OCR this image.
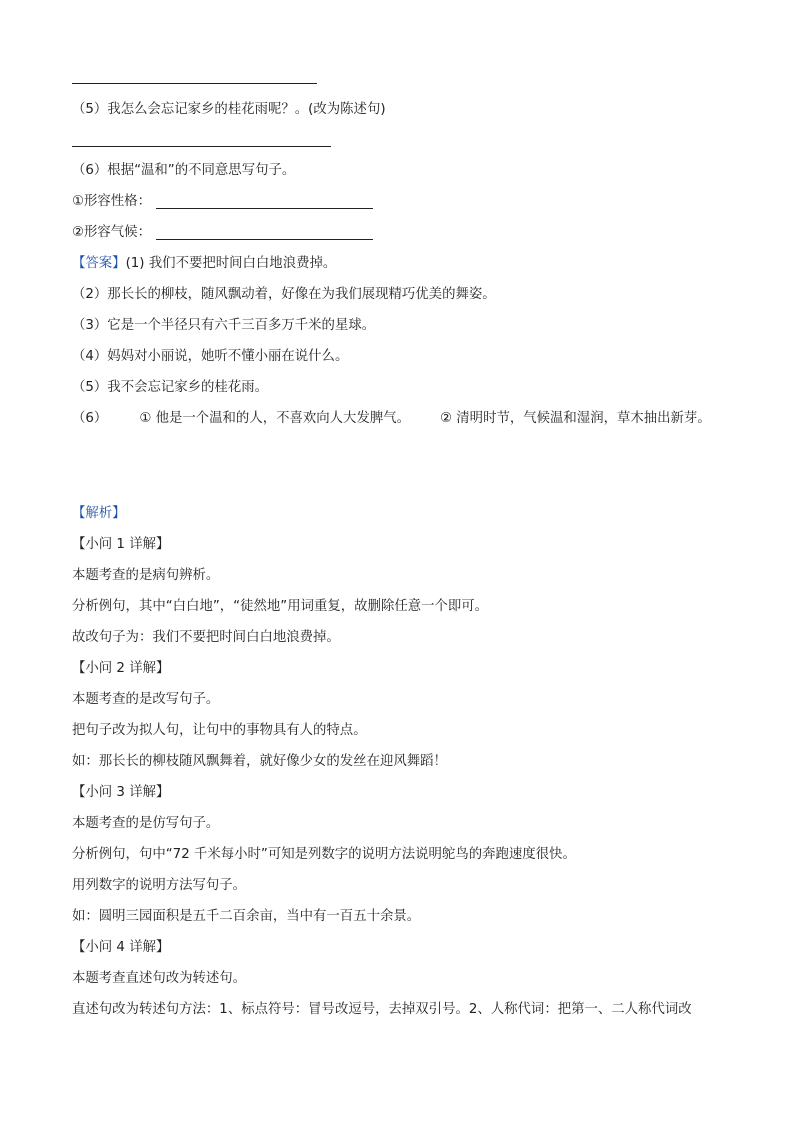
（5）我怎么会忘记家乡的桂花雨呢？。(改为陈述句)
（6）根据“温和”的不同意思写句子。
①形容性格：
②形容气候：
【答案】(1) 我们不要把时间白白地浪费掉。
（2）那长长的柳枝，随风飘动着，好像在为我们展现精巧优美的舞姿。
（3）它是一个半径只有六千三百多万千米的星球。
（4）妈妈对小丽说，她听不懂小丽在说什么。
（5）我不会忘记家乡的桂花雨。
（6） ① 他是一个温和的人，不喜欢向人大发脾气。 ② 清明时节，气候温和湿润，草木抽出新芽。
【解析】
【小问 1 详解】
本题考查的是病句辨析。
分析例句，其中“白白地”，“徒然地”用词重复，故删除任意一个即可。
故改句子为：我们不要把时间白白地浪费掉。
【小问 2 详解】
本题考查的是改写句子。
把句子改为拟人句，让句中的事物具有人的特点。
如：那长长的柳枝随风飘舞着，就好像少女的发丝在迎风舞蹈！
【小问 3 详解】
本题考查的是仿写句子。
分析例句，句中“72 千米每小时”可知是列数字的说明方法说明鸵鸟的奔跑速度很快。
用列数字的说明方法写句子。
如：圆明三园面积是五千二百余亩，当中有一百五十余景。
【小问 4 详解】
本题考查直述句改为转述句。
直述句改为转述句方法：1、标点符号：冒号改逗号，去掉双引号。2、人称代词：把第一、二人称代词改
